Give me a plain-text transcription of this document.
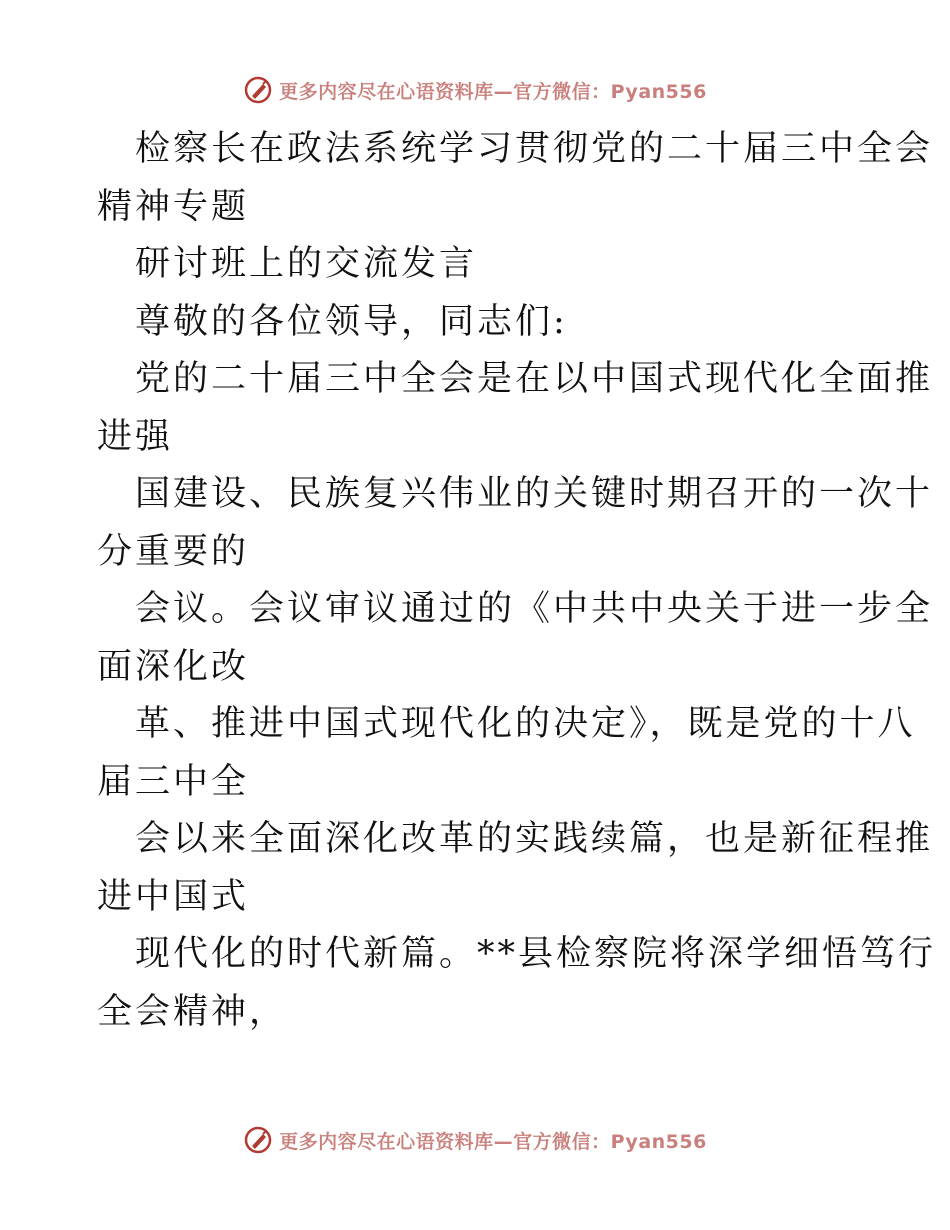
更多内容尽在心语资料库—官方微信：Pyan556

检察长在政法系统学习贯彻党的二十届三中全会

精神专题

研讨班上的交流发言

尊敬的各位领导，同志们:

党的二十届三中全会是在以中国式现代化全面推

进强

国建设、民族复兴伟业的关键时期召开的一次十

分重要的

会议。会议审议通过的《中共中央关于进一步全

面深化改

革、推进中国式现代化的决定》，既是党的十八

届三中全

会以来全面深化改革的实践续篇，也是新征程推

进中国式

现代化的时代新篇。**县检察院将深学细悟笃行

全会精神，

更多内容尽在心语资料库—官方微信：Pyan556
